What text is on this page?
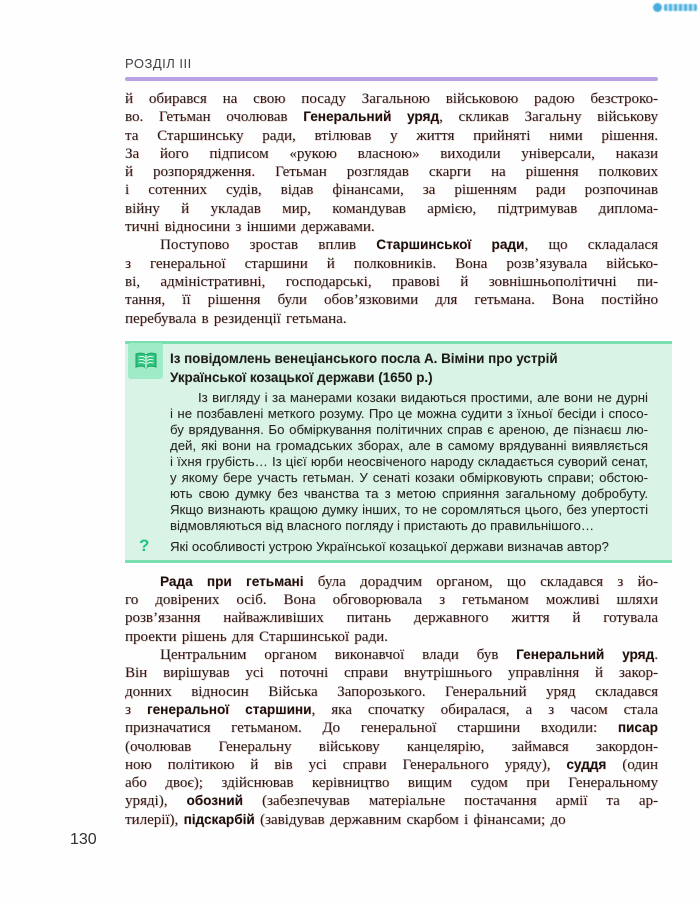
РОЗДІЛ III
й обирався на свою посаду Загальною військовою радою безстроко-
во. Гетьман очолював Генеральний уряд, скликав Загальну військову
та Старшинську ради, втілював у життя прийняті ними рішення.
За його підписом «рукою власною» виходили універсали, накази
й розпорядження. Гетьман розглядав скарги на рішення полкових
і сотенних судів, відав фінансами, за рішенням ради розпочинав
війну й укладав мир, командував армією, підтримував диплома-
тичні відносини з іншими державами.
Поступово зростав вплив Старшинської ради, що складалася
з генеральної старшини й полковників. Вона розв’язувала військо-
ві, адміністративні, господарські, правові й зовнішньополітичні пи-
тання, її рішення були обов’язковими для гетьмана. Вона постійно
перебувала в резиденції гетьмана.
Із повідомлень венеціанського посла А. Віміни про устрій
Української козацької держави (1650 р.)
Із вигляду і за манерами козаки видаються простими, але вони не дурні
і не позбавлені меткого розуму. Про це можна судити з їхньої бесіди і спосо-
бу врядування. Бо обміркування політичних справ є ареною, де пізнаєш лю-
дей, які вони на громадських зборах, але в самому врядуванні виявляється
і їхня грубість… Із цієї юрби неосвіченого народу складається суворий сенат,
у якому бере участь гетьман. У сенаті козаки обмірковують справи; обстою-
ють свою думку без чванства та з метою сприяння загальному добробуту.
Якщо визнають кращою думку інших, то не соромляться цього, без упертості
відмовляються від власного погляду і пристають до правильнішого…
? Які особливості устрою Української козацької держави визначав автор?
Рада при гетьмані була дорадчим органом, що складався з йо-
го довірених осіб. Вона обговорювала з гетьманом можливі шляхи
розв’язання найважливіших питань державного життя й готувала
проекти рішень для Старшинської ради.
Центральним органом виконавчої влади був Генеральний уряд.
Він вирішував усі поточні справи внутрішнього управління й закор-
донних відносин Війська Запорозького. Генеральний уряд складався
з генеральної старшини, яка спочатку обиралася, а з часом стала
призначатися гетьманом. До генеральної старшини входили: писар
(очолював Генеральну військову канцелярію, займався закордон-
ною політикою й вів усі справи Генерального уряду), суддя (один
або двоє); здійснював керівництво вищим судом при Генеральному
уряді), обозний (забезпечував матеріальне постачання армії та ар-
тилерії), підскарбій (завідував державним скарбом і фінансами; до
130
